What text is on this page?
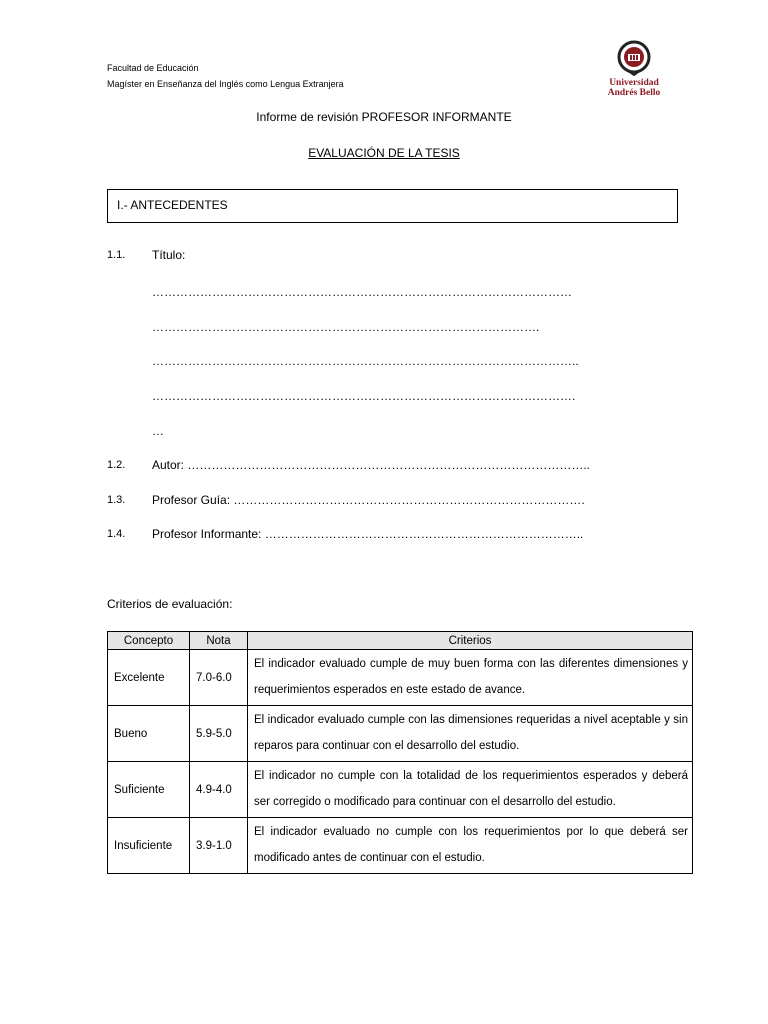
Facultad de Educación
Magíster en Enseñanza del Inglés como Lengua Extranjera	Universidad
Andrés Bello
Informe de revisión PROFESOR INFORMANTE
EVALUACIÓN DE LA TESIS
I.- ANTECEDENTES
1.1. Título:
……………………………………………………………………………………………
…………………………………………………………………………………….
……………………………………………………………………………………………..
…………………………………………………………………………………………….
…
1.2. Autor: ………………………………………………………………………………………..
1.3. Profesor Guía: …………………………………………………………………………….
1.4. Profesor Informante: ……………………………………………………………………..
Criterios de evaluación:
Concepto	Nota	Criterios
Excelente	7.0-6.0	El indicador evaluado cumple de muy buen forma con las diferentes dimensiones y requerimientos esperados en este estado de avance.
Bueno	5.9-5.0	El indicador evaluado cumple con las dimensiones requeridas a nivel aceptable y sin reparos para continuar con el desarrollo del estudio.
Suficiente	4.9-4.0	El indicador no cumple con la totalidad de los requerimientos esperados y deberá ser corregido o modificado para continuar con el desarrollo del estudio.
Insuficiente	3.9-1.0	El indicador evaluado no cumple con los requerimientos por lo que deberá ser modificado antes de continuar con el estudio.
